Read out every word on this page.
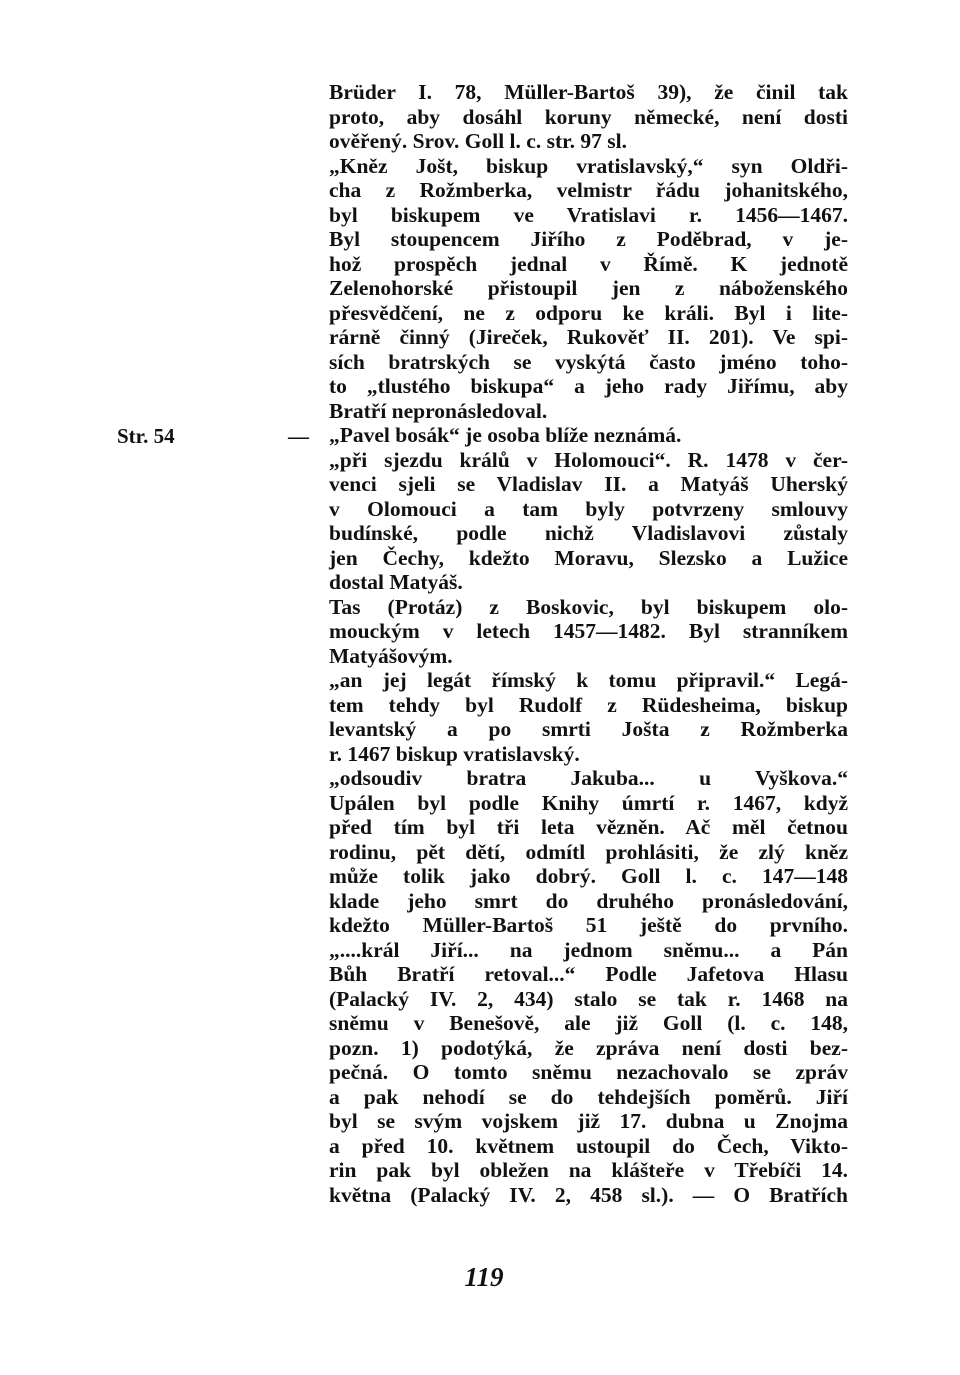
Str. 54	—
Brüder I. 78, Müller-Bartoš 39), že činil tak
proto, aby dosáhl koruny německé, není dosti
ověřený. Srov. Goll l. c. str. 97 sl.
„Kněz Jošt, biskup vratislavský,“ syn Oldři-
cha z Rožmberka, velmistr řádu johanitského,
byl biskupem ve Vratislavi r. 1456—1467.
Byl stoupencem Jiřího z Poděbrad, v je-
hož prospěch jednal v Římě. K jednotě
Zelenohorské přistoupil jen z náboženského
přesvědčení, ne z odporu ke králi. Byl i lite-
rárně činný (Jireček, Rukověť II. 201). Ve spi-
sích bratrských se vyskýtá často jméno toho-
to „tlustého biskupa“ a jeho rady Jiřímu, aby
Bratří nepronásledoval.
„Pavel bosák“ je osoba blíže neznámá.
„při sjezdu králů v Holomouci“. R. 1478 v čer-
venci sjeli se Vladislav II. a Matyáš Uherský
v Olomouci a tam byly potvrzeny smlouvy
budínské, podle nichž Vladislavovi zůstaly
jen Čechy, kdežto Moravu, Slezsko a Lužice
dostal Matyáš.
Tas (Protáz) z Boskovic, byl biskupem olo-
mouckým v letech 1457—1482. Byl stranníkem
Matyášovým.
„an jej legát římský k tomu připravil.“ Legá-
tem tehdy byl Rudolf z Rüdesheima, biskup
levantský a po smrti Jošta z Rožmberka
r. 1467 biskup vratislavský.
„odsoudiv bratra Jakuba... u Vyškova.“
Upálen byl podle Knihy úmrtí r. 1467, když
před tím byl tři leta vězněn. Ač měl četnou
rodinu, pět dětí, odmítl prohlásiti, že zlý kněz
může tolik jako dobrý. Goll l. c. 147—148
klade jeho smrt do druhého pronásledování,
kdežto Müller-Bartoš 51 ještě do prvního.
„....král Jiří... na jednom sněmu... a Pán
Bůh Bratří retoval...“ Podle Jafetova Hlasu
(Palacký IV. 2, 434) stalo se tak r. 1468 na
sněmu v Benešově, ale již Goll (l. c. 148,
pozn. 1) podotýká, že zpráva není dosti bez-
pečná. O tomto sněmu nezachovalo se zpráv
a pak nehodí se do tehdejších poměrů. Jiří
byl se svým vojskem již 17. dubna u Znojma
a před 10. květnem ustoupil do Čech, Vikto-
rin pak byl obležen na klášteře v Třebíči 14.
května (Palacký IV. 2, 458 sl.). — O Bratřích
119
